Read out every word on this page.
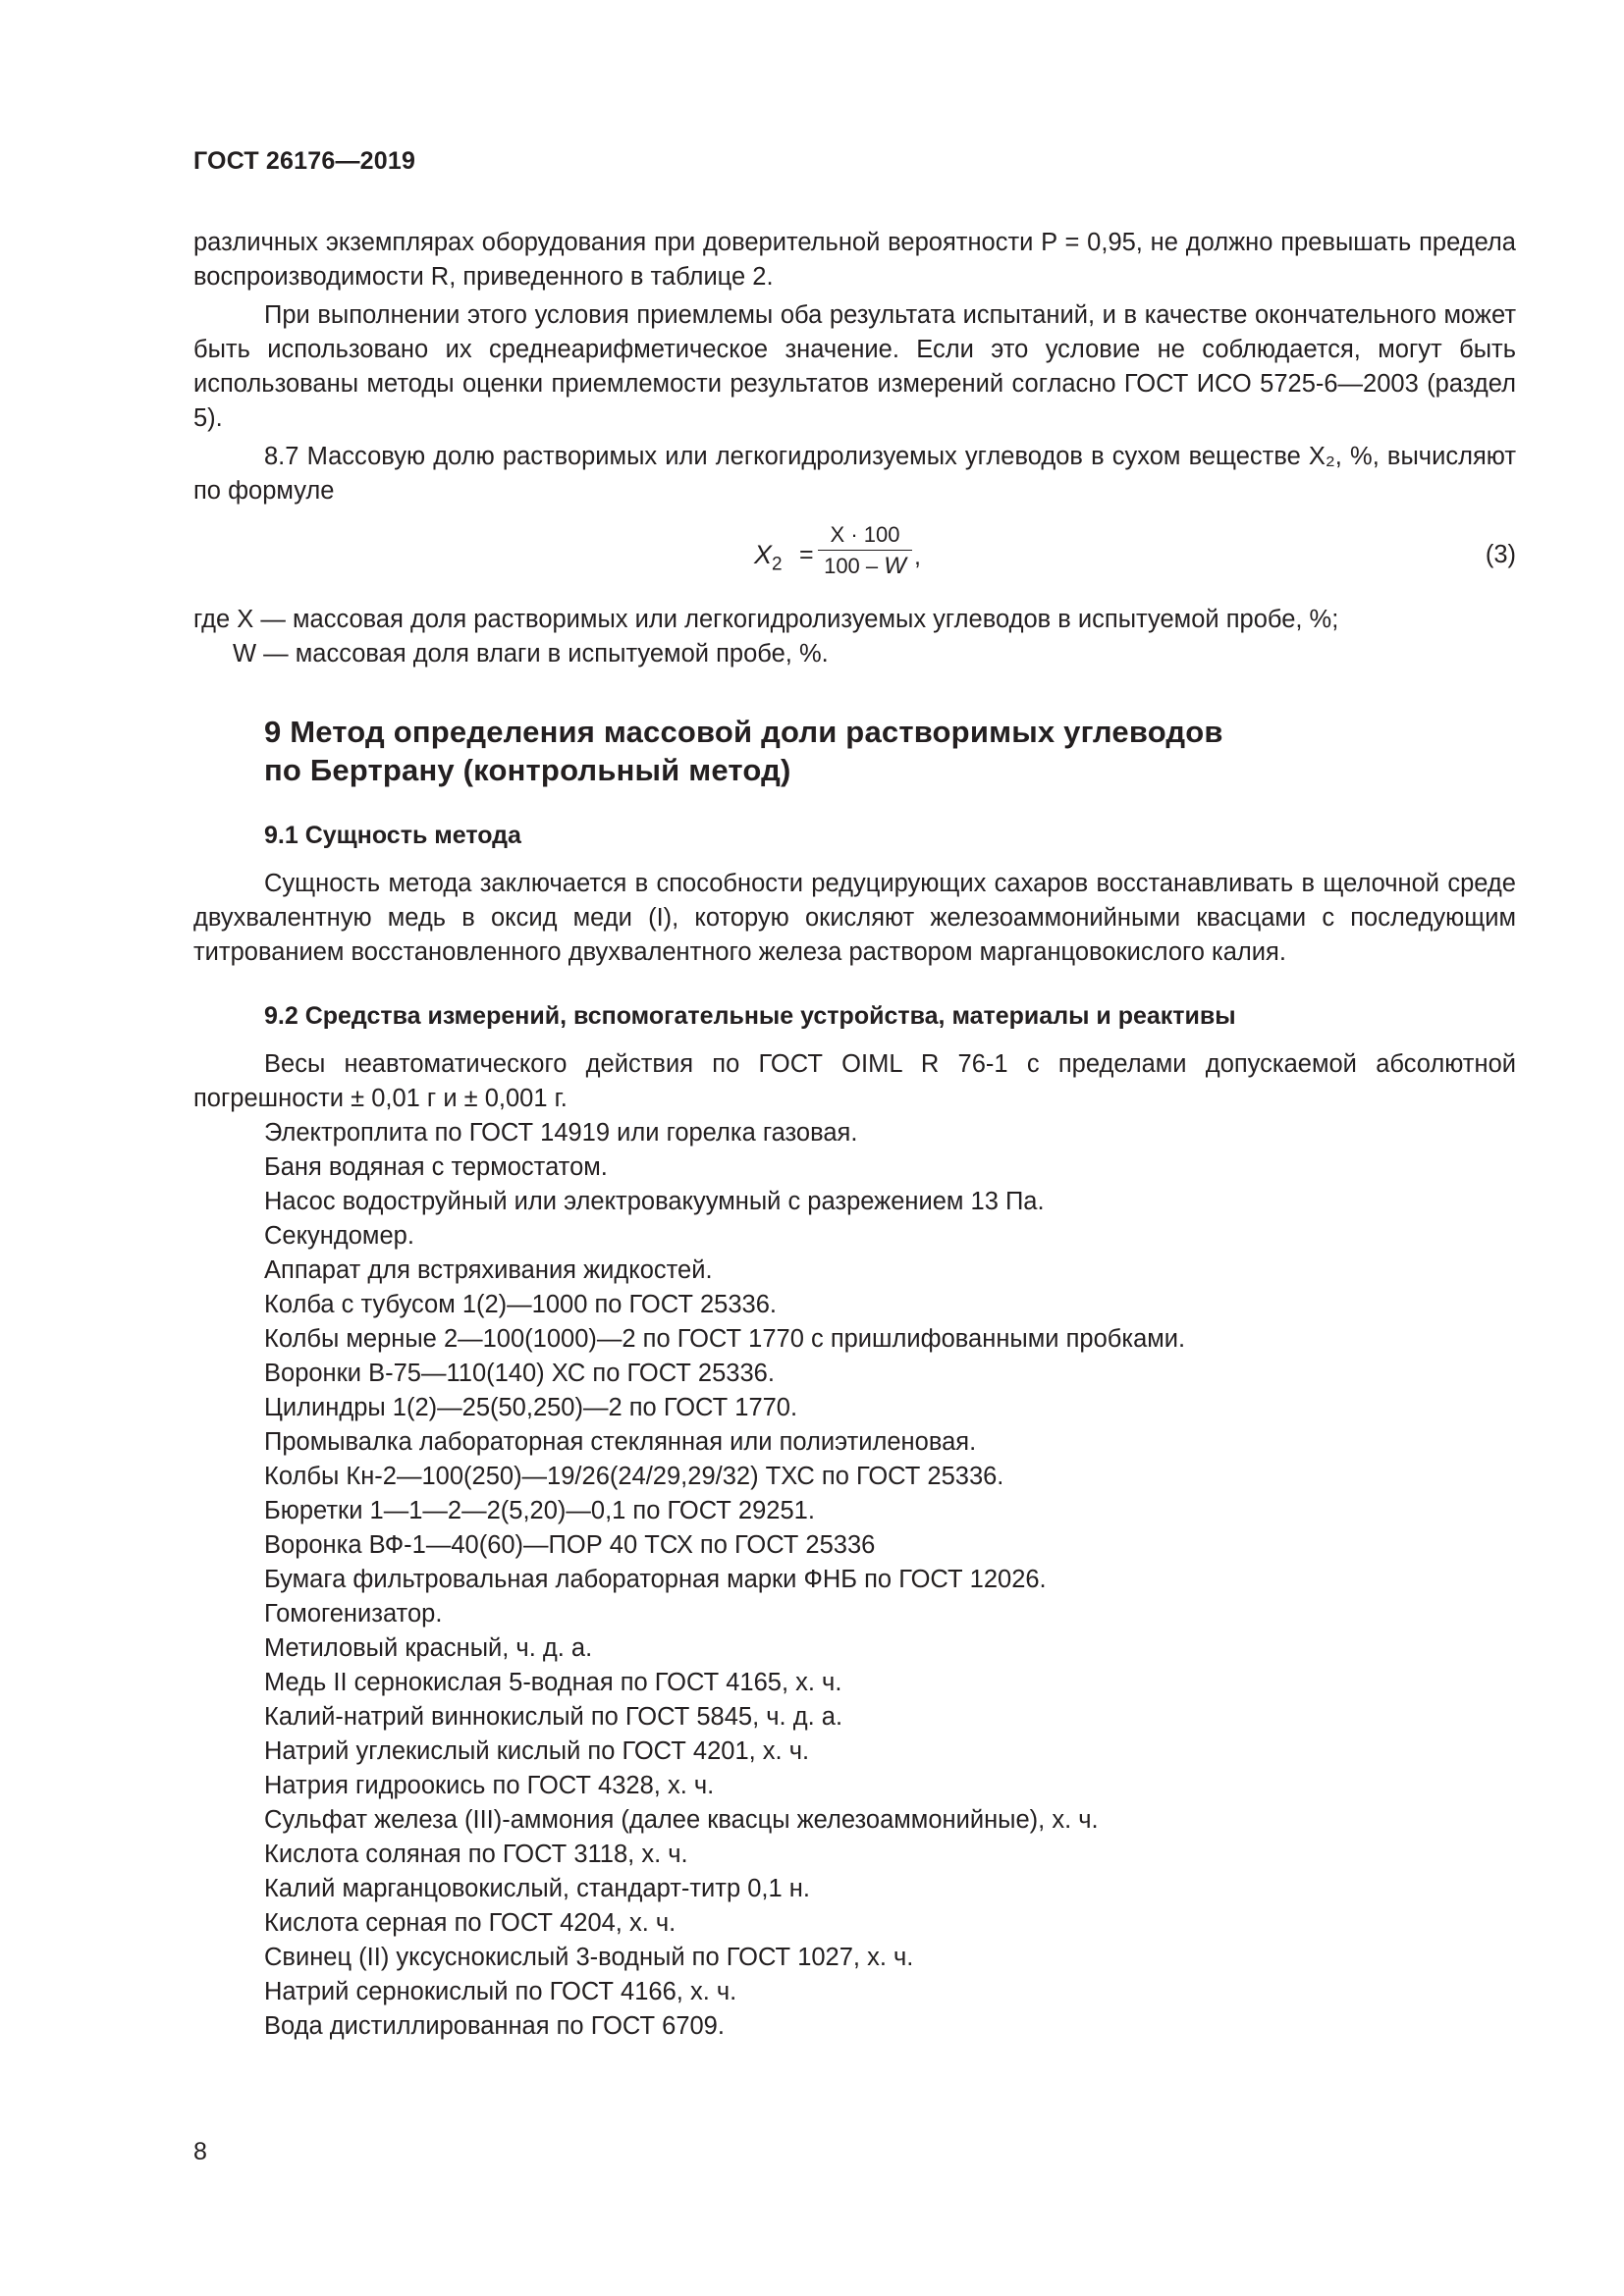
ГОСТ 26176—2019

различных экземплярах оборудования при доверительной вероятности P = 0,95, не должно превышать предела воспроизводимости R, приведенного в таблице 2.

При выполнении этого условия приемлемы оба результата испытаний, и в качестве окончательного может быть использовано их среднеарифметическое значение. Если это условие не соблюдается, могут быть использованы методы оценки приемлемости результатов измерений согласно ГОСТ ИСО 5725-6—2003 (раздел 5).

8.7 Массовую долю растворимых или легкогидролизуемых углеводов в сухом веществе X₂, %, вычисляют по формуле

$X_2 = \frac{X \cdot 100}{100 - W}$ ,	(3)

где X — массовая доля растворимых или легкогидролизуемых углеводов в испытуемой пробе, %;

W — массовая доля влаги в испытуемой пробе, %.

9 Метод определения массовой доли растворимых углеводов
по Бертрану (контрольный метод)
9.1 Сущность метода

Сущность метода заключается в способности редуцирующих сахаров восстанавливать в щелочной среде двухвалентную медь в оксид меди (I), которую окисляют железоаммонийными квасцами с последующим титрованием восстановленного двухвалентного железа раствором марганцовокислого калия.

9.2 Средства измерений, вспомогательные устройства, материалы и реактивы

Весы неавтоматического действия по ГОСТ OIML R 76-1 с пределами допускаемой абсолютной погрешности ± 0,01 г и ± 0,001 г.

Электроплита по ГОСТ 14919 или горелка газовая.
Баня водяная с термостатом.
Насос водоструйный или электровакуумный с разрежением 13 Па.
Секундомер.
Аппарат для встряхивания жидкостей.
Колба с тубусом 1(2)—1000 по ГОСТ 25336.
Колбы мерные 2—100(1000)—2 по ГОСТ 1770 с пришлифованными пробками.
Воронки В-75—110(140) ХС по ГОСТ 25336.
Цилиндры 1(2)—25(50,250)—2 по ГОСТ 1770.
Промывалка лабораторная стеклянная или полиэтиленовая.
Колбы Кн-2—100(250)—19/26(24/29,29/32) ТХС по ГОСТ 25336.
Бюретки 1—1—2—2(5,20)—0,1 по ГОСТ 29251.
Воронка ВФ-1—40(60)—ПОР 40 ТСХ по ГОСТ 25336
Бумага фильтровальная лабораторная марки ФНБ по ГОСТ 12026.
Гомогенизатор.
Метиловый красный, ч. д. а.
Медь II сернокислая 5-водная по ГОСТ 4165, х. ч.
Калий-натрий виннокислый по ГОСТ 5845, ч. д. а.
Натрий углекислый кислый по ГОСТ 4201, х. ч.
Натрия гидроокись по ГОСТ 4328, х. ч.
Сульфат железа (III)-аммония (далее квасцы железоаммонийные), х. ч.
Кислота соляная по ГОСТ 3118, х. ч.
Калий марганцовокислый, стандарт-титр 0,1 н.
Кислота серная по ГОСТ 4204, х. ч.
Свинец (II) уксуснокислый 3-водный по ГОСТ 1027, х. ч.
Натрий сернокислый по ГОСТ 4166, х. ч.
Вода дистиллированная по ГОСТ 6709.
8
